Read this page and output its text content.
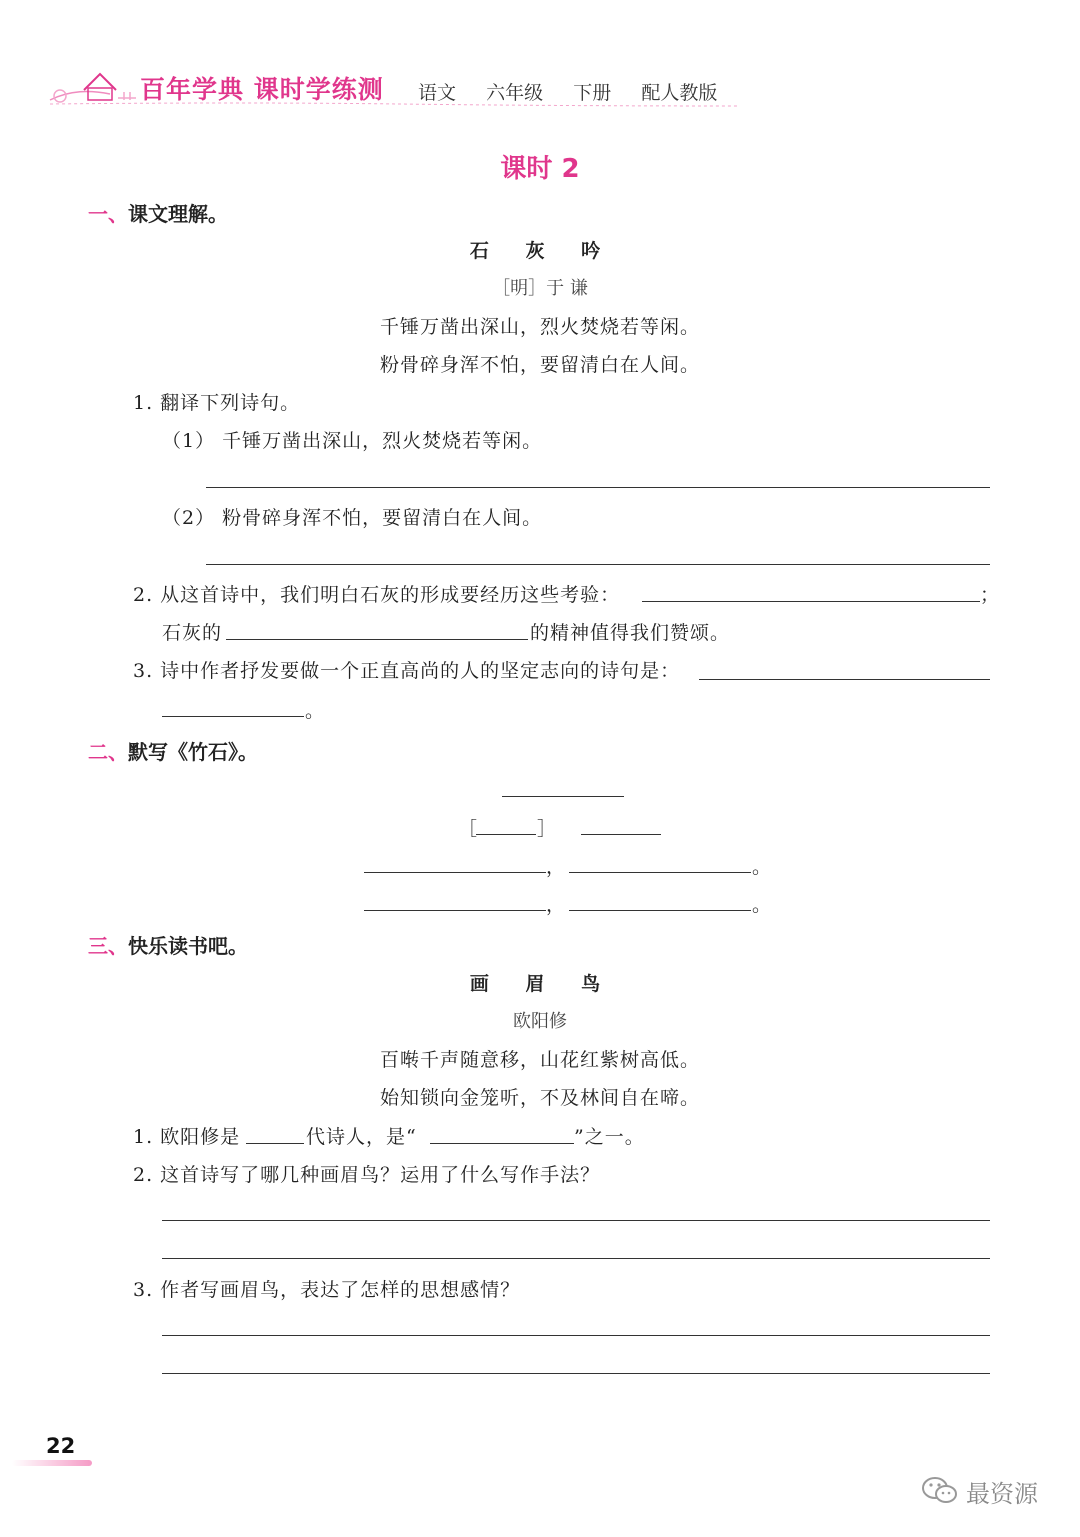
百年学典 课时学练测 语文 六年级 下册 配人教版
课时 2
一、课文理解。
石 灰 吟
［明］于 谦
千锤万凿出深山，烈火焚烧若等闲。
粉骨碎身浑不怕，要留清白在人间。
1. 翻译下列诗句。
（1） 千锤万凿出深山，烈火焚烧若等闲。
（2） 粉骨碎身浑不怕，要留清白在人间。
2. 从这首诗中，我们明白石灰的形成要经历这些考验：	；
石灰的	的精神值得我们赞颂。
3. 诗中作者抒发要做一个正直高尚的人的坚定志向的诗句是：
。
二、默写《竹石》。
［	］
，	。
，	。
三、快乐读书吧。
画 眉 鸟
欧阳修
百啭千声随意移，山花红紫树高低。
始知锁向金笼听，不及林间自在啼。
1. 欧阳修是	代诗人，是“	”之一。
2. 这首诗写了哪几种画眉鸟？运用了什么写作手法？
3. 作者写画眉鸟，表达了怎样的思想感情？
22
最资源
